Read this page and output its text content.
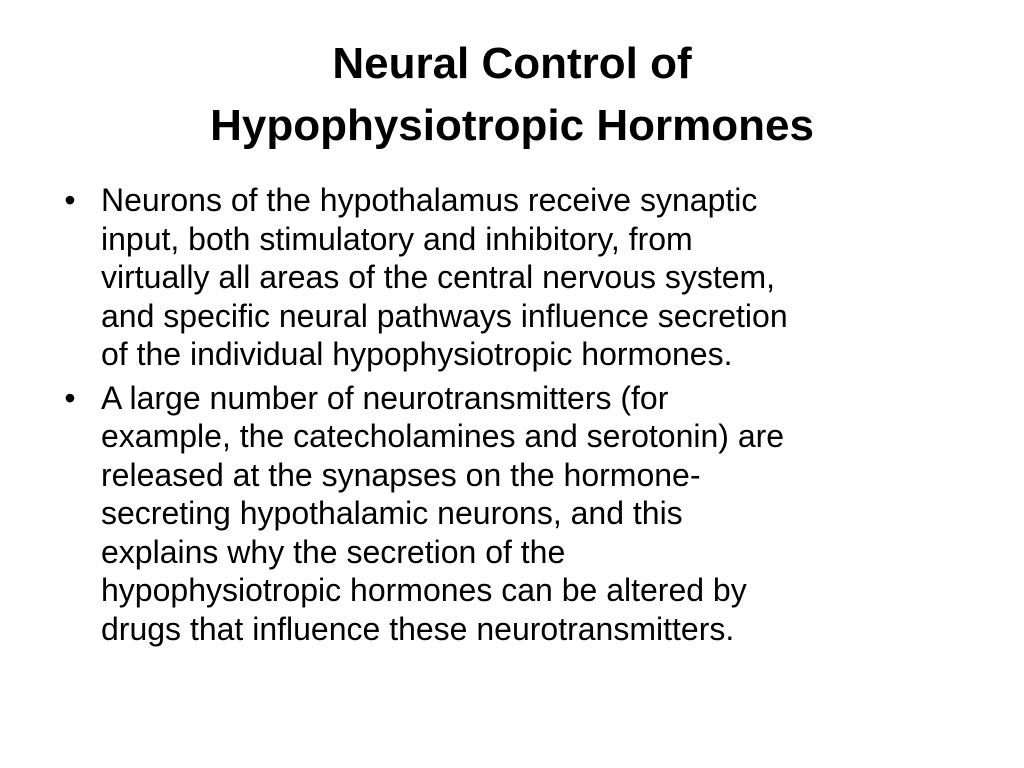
Neural Control of
Hypophysiotropic Hormones
• Neurons of the hypothalamus receive synaptic
input, both stimulatory and inhibitory, from
virtually all areas of the central nervous system,
and specific neural pathways influence secretion
of the individual hypophysiotropic hormones.
• A large number of neurotransmitters (for
example, the catecholamines and serotonin) are
released at the synapses on the hormone-
secreting hypothalamic neurons, and this
explains why the secretion of the
hypophysiotropic hormones can be altered by
drugs that influence these neurotransmitters.
